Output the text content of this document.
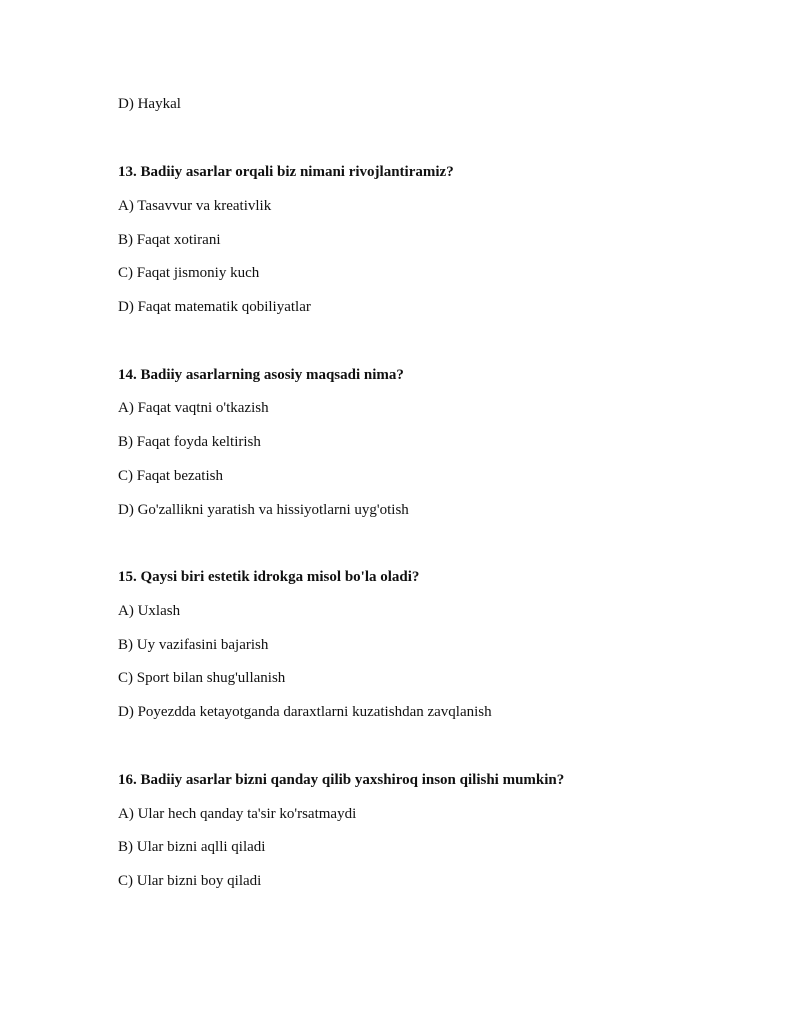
D) Haykal
13. Badiiy asarlar orqali biz nimani rivojlantiramiz?
A) Tasavvur va kreativlik
B) Faqat xotirani
C) Faqat jismoniy kuch
D) Faqat matematik qobiliyatlar
14. Badiiy asarlarning asosiy maqsadi nima?
A) Faqat vaqtni o'tkazish
B) Faqat foyda keltirish
C) Faqat bezatish
D) Go'zallikni yaratish va hissiyotlarni uyg'otish
15. Qaysi biri estetik idrokga misol bo'la oladi?
A) Uxlash
B) Uy vazifasini bajarish
C) Sport bilan shug'ullanish
D) Poyezdda ketayotganda daraxtlarni kuzatishdan zavqlanish
16. Badiiy asarlar bizni qanday qilib yaxshiroq inson qilishi mumkin?
A) Ular hech qanday ta'sir ko'rsatmaydi
B) Ular bizni aqlli qiladi
C) Ular bizni boy qiladi
